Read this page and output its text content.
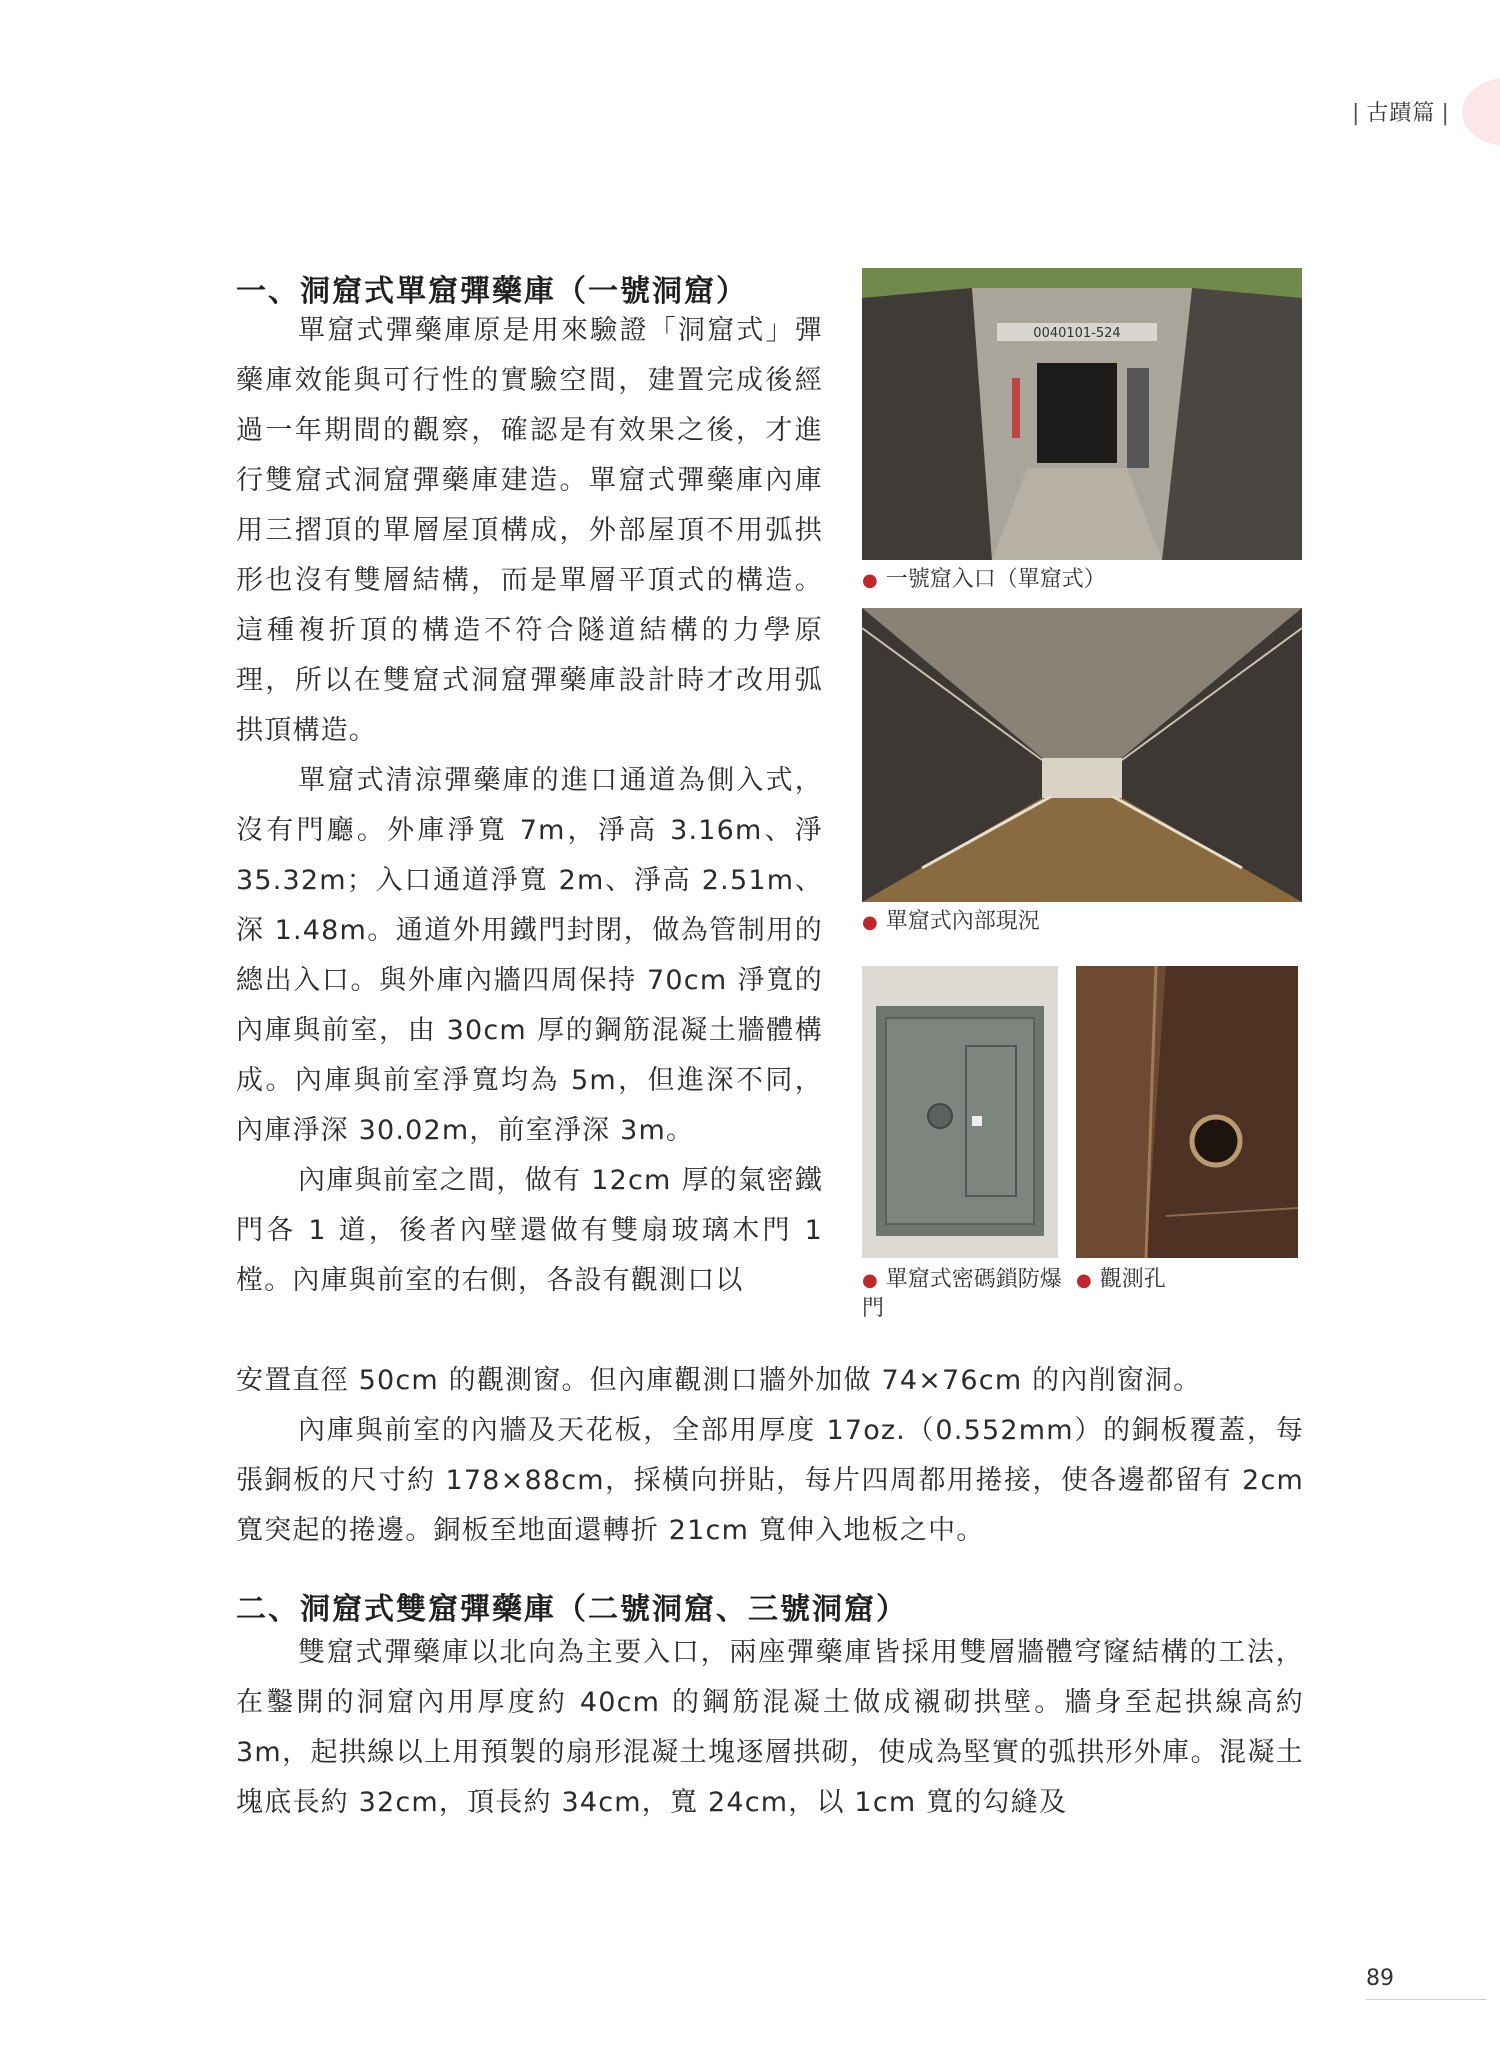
| 古蹟篇 |
一、洞窟式單窟彈藥庫（一號洞窟）

單窟式彈藥庫原是用來驗證「洞窟式」彈藥庫效能與可行性的實驗空間，建置完成後經過一年期間的觀察，確認是有效果之後，才進行雙窟式洞窟彈藥庫建造。單窟式彈藥庫內庫用三摺頂的單層屋頂構成，外部屋頂不用弧拱形也沒有雙層結構，而是單層平頂式的構造。這種複折頂的構造不符合隧道結構的力學原理，所以在雙窟式洞窟彈藥庫設計時才改用弧拱頂構造。

單窟式清涼彈藥庫的進口通道為側入式，沒有門廳。外庫淨寬 7m，淨高 3.16m、淨 35.32m；入口通道淨寬 2m、淨高 2.51m、深 1.48m。通道外用鐵門封閉，做為管制用的總出入口。與外庫內牆四周保持 70cm 淨寬的內庫與前室，由 30cm 厚的鋼筋混凝土牆體構成。內庫與前室淨寬均為 5m，但進深不同，內庫淨深 30.02m，前室淨深 3m。

內庫與前室之間，做有 12cm 厚的氣密鐵門各 1 道，後者內壁還做有雙扇玻璃木門 1 樘。內庫與前室的右側，各設有觀測口以

安置直徑 50cm 的觀測窗。但內庫觀測口牆外加做 74×76cm 的內削窗洞。

內庫與前室的內牆及天花板，全部用厚度 17oz.（0.552mm）的銅板覆蓋，每張銅板的尺寸約 178×88cm，採橫向拼貼，每片四周都用捲接，使各邊都留有 2cm 寬突起的捲邊。銅板至地面還轉折 21cm 寬伸入地板之中。

二、洞窟式雙窟彈藥庫（二號洞窟、三號洞窟）

雙窟式彈藥庫以北向為主要入口，兩座彈藥庫皆採用雙層牆體穹窿結構的工法，在鑿開的洞窟內用厚度約 40cm 的鋼筋混凝土做成襯砌拱壁。牆身至起拱線高約 3m，起拱線以上用預製的扇形混凝土塊逐層拱砌，使成為堅實的弧拱形外庫。混凝土塊底長約 32cm，頂長約 34cm，寬 24cm，以 1cm 寬的勾縫及

0040101-524
● 一號窟入口（單窟式）
● 單窟式內部現況
● 單窟式密碼鎖防爆門
● 觀測孔
89
